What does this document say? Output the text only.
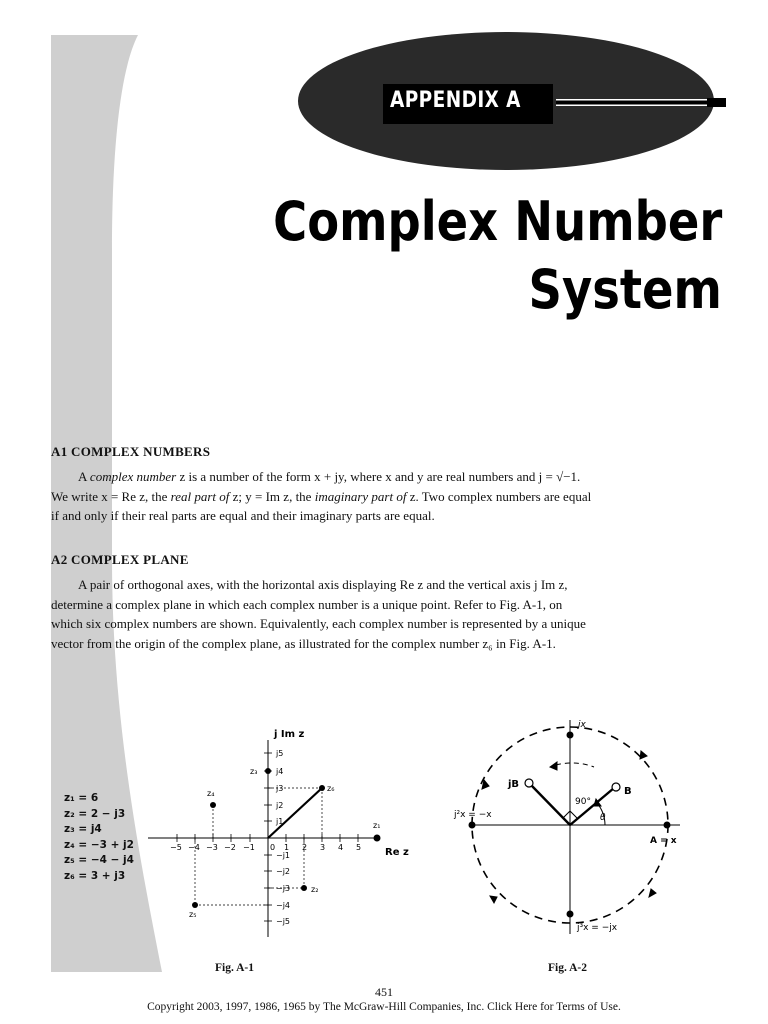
APPENDIX A
Complex Number
System
A1 COMPLEX NUMBERS
A complex number z is a number of the form x + jy, where x and y are real numbers and j = √−1.
We write x = Re z, the real part of z; y = Im z, the imaginary part of z. Two complex numbers are equal
if and only if their real parts are equal and their imaginary parts are equal.
A2 COMPLEX PLANE
A pair of orthogonal axes, with the horizontal axis displaying Re z and the vertical axis j Im z,
determine a complex plane in which each complex number is a unique point. Refer to Fig. A-1, on
which six complex numbers are shown. Equivalently, each complex number is represented by a unique
vector from the origin of the complex plane, as illustrated for the complex number z₆ in Fig. A-1.
j Im z
Re z
−5 −4 −3 −2 −1 0 1 2 3 4 5
j5
j4
j3
j2
j1
−j1
−j2
−j3
−j4
−j5
z₁
z₂
z₃
z₄
z₅
z₆
jx
jB
B
90°
θ
j²x = −x
A = x
j³x = −jx
z₁ = 6
z₂ = 2 − j3
z₃ = j4
z₄ = −3 + j2
z₅ = −4 − j4
z₆ = 3 + j3
Fig. A-1	Fig. A-2
451
Copyright 2003, 1997, 1986, 1965 by The McGraw-Hill Companies, Inc. Click Here for Terms of Use.
